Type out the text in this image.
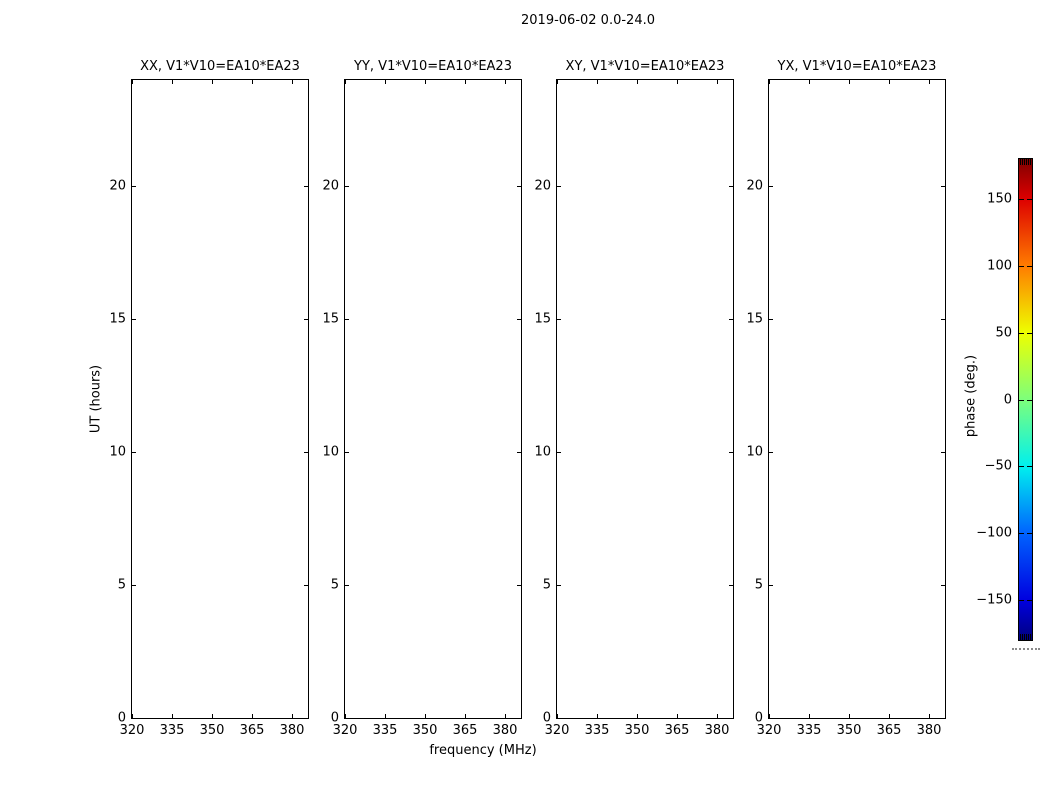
2019-06-02 0.0-24.0
XX, V1*V10=EA10*EA23
320 335 350 365 380
0
5
10
15
20
YY, V1*V10=EA10*EA23
320 335 350 365 380
0
5
10
15
20
XY, V1*V10=EA10*EA23
320 335 350 365 380
0
5
10
15
20
YX, V1*V10=EA10*EA23
320 335 350 365 380
0
5
10
15
20
UT (hours)
frequency (MHz)
150
100
50
0
−50
−100
−150
phase (deg.)
